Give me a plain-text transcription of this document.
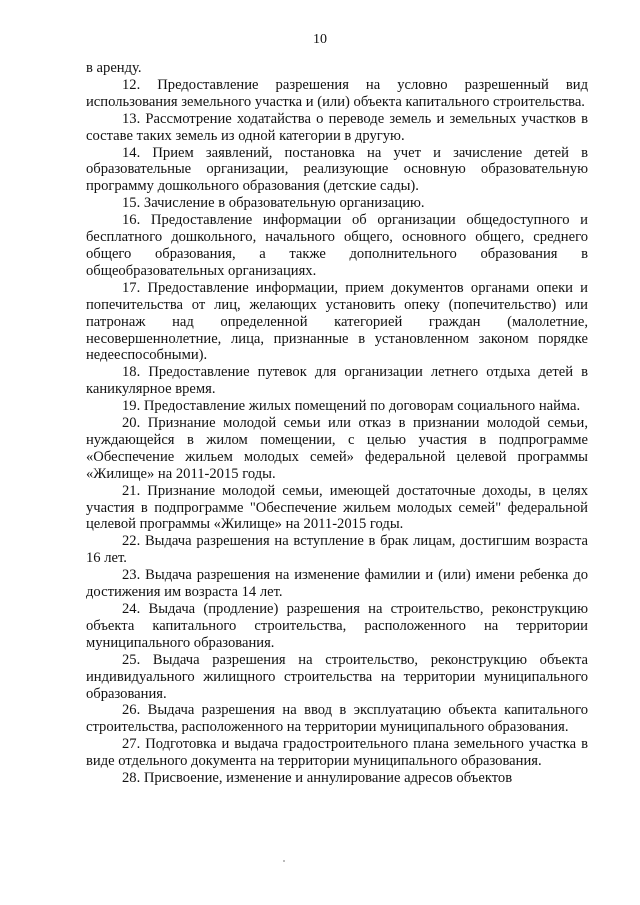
10

в аренду.

12. Предоставление разрешения на условно разрешенный вид использования земельного участка и (или) объекта капитального строительства.

13. Рассмотрение ходатайства о переводе земель и земельных участков в составе таких земель из одной категории в другую.

14. Прием заявлений, постановка на учет и зачисление детей в образовательные организации, реализующие основную образовательную программу дошкольного образования (детские сады).

15. Зачисление в образовательную организацию.

16. Предоставление информации об организации общедоступного и бесплатного дошкольного, начального общего, основного общего, среднего общего образования, а также дополнительного образования в общеобразовательных организациях.

17. Предоставление информации, прием документов органами опеки и попечительства от лиц, желающих установить опеку (попечительство) или патронаж над определенной категорией граждан (малолетние, несовершеннолетние, лица, признанные в установленном законом порядке недееспособными).

18. Предоставление путевок для организации летнего отдыха детей в каникулярное время.

19. Предоставление жилых помещений по договорам социального найма.

20. Признание молодой семьи или отказ в признании молодой семьи, нуждающейся в жилом помещении, с целью участия в подпрограмме «Обеспечение жильем молодых семей» федеральной целевой программы «Жилище» на 2011-2015 годы.

21. Признание молодой семьи, имеющей достаточные доходы, в целях участия в подпрограмме "Обеспечение жильем молодых семей" федеральной целевой программы «Жилище» на 2011-2015 годы.

22. Выдача разрешения на вступление в брак лицам, достигшим возраста 16 лет.

23. Выдача разрешения на изменение фамилии и (или) имени ребенка до достижения им возраста 14 лет.

24. Выдача (продление) разрешения на строительство, реконструкцию объекта капитального строительства, расположенного на территории муниципального образования.

25. Выдача разрешения на строительство, реконструкцию объекта индивидуального жилищного строительства на территории муниципального образования.

26. Выдача разрешения на ввод в эксплуатацию объекта капитального строительства, расположенного на территории муниципального образования.

27. Подготовка и выдача градостроительного плана земельного участка в виде отдельного документа на территории муниципального образования.

28. Присвоение, изменение и аннулирование адресов объектов
